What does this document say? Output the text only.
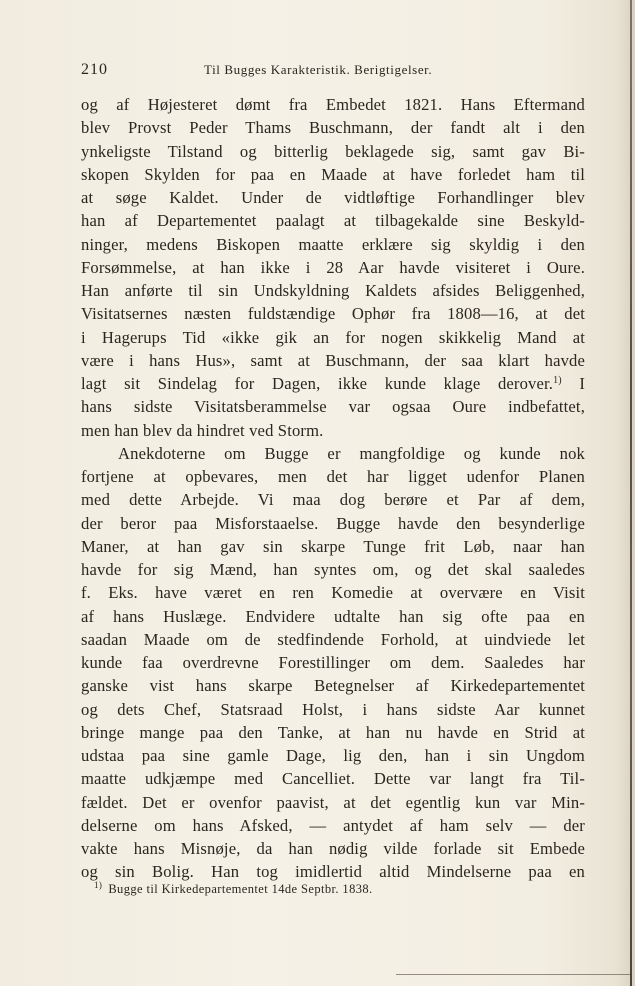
210	Til Bugges Karakteristik. Berigtigelser.
og af Højesteret dømt fra Embedet 1821. Hans Eftermand
blev Provst Peder Thams Buschmann, der fandt alt i den
ynkeligste Tilstand og bitterlig beklagede sig, samt gav Bi-
skopen Skylden for paa en Maade at have forledet ham til
at søge Kaldet. Under de vidtløftige Forhandlinger blev
han af Departementet paalagt at tilbagekalde sine Beskyld-
ninger, medens Biskopen maatte erklære sig skyldig i den
Forsømmelse, at han ikke i 28 Aar havde visiteret i Oure.
Han anførte til sin Undskyldning Kaldets afsides Beliggenhed,
Visitatsernes næsten fuldstændige Ophør fra 1808—16, at det
i Hagerups Tid «ikke gik an for nogen skikkelig Mand at
være i hans Hus», samt at Buschmann, der saa klart havde
lagt sit Sindelag for Dagen, ikke kunde klage derover.$^{1)}$ I
hans sidste Visitatsberammelse var ogsaa Oure indbefattet,
men han blev da hindret ved Storm.
Anekdoterne om Bugge er mangfoldige og kunde nok
fortjene at opbevares, men det har ligget udenfor Planen
med dette Arbejde. Vi maa dog berøre et Par af dem,
der beror paa Misforstaaelse. Bugge havde den besynderlige
Maner, at han gav sin skarpe Tunge frit Løb, naar han
havde for sig Mænd, han syntes om, og det skal saaledes
f. Eks. have været en ren Komedie at overvære en Visit
af hans Huslæge. Endvidere udtalte han sig ofte paa en
saadan Maade om de stedfindende Forhold, at uindviede let
kunde faa overdrevne Forestillinger om dem. Saaledes har
ganske vist hans skarpe Betegnelser af Kirkedepartementet
og dets Chef, Statsraad Holst, i hans sidste Aar kunnet
bringe mange paa den Tanke, at han nu havde en Strid at
udstaa paa sine gamle Dage, lig den, han i sin Ungdom
maatte udkjæmpe med Cancelliet. Dette var langt fra Til-
fældet. Det er ovenfor paavist, at det egentlig kun var Min-
delserne om hans Afsked, — antydet af ham selv — der
vakte hans Misnøje, da han nødig vilde forlade sit Embede
og sin Bolig. Han tog imidlertid altid Mindelserne paa en
$^{1)}$ Bugge til Kirkedepartementet 14de Septbr. 1838.
